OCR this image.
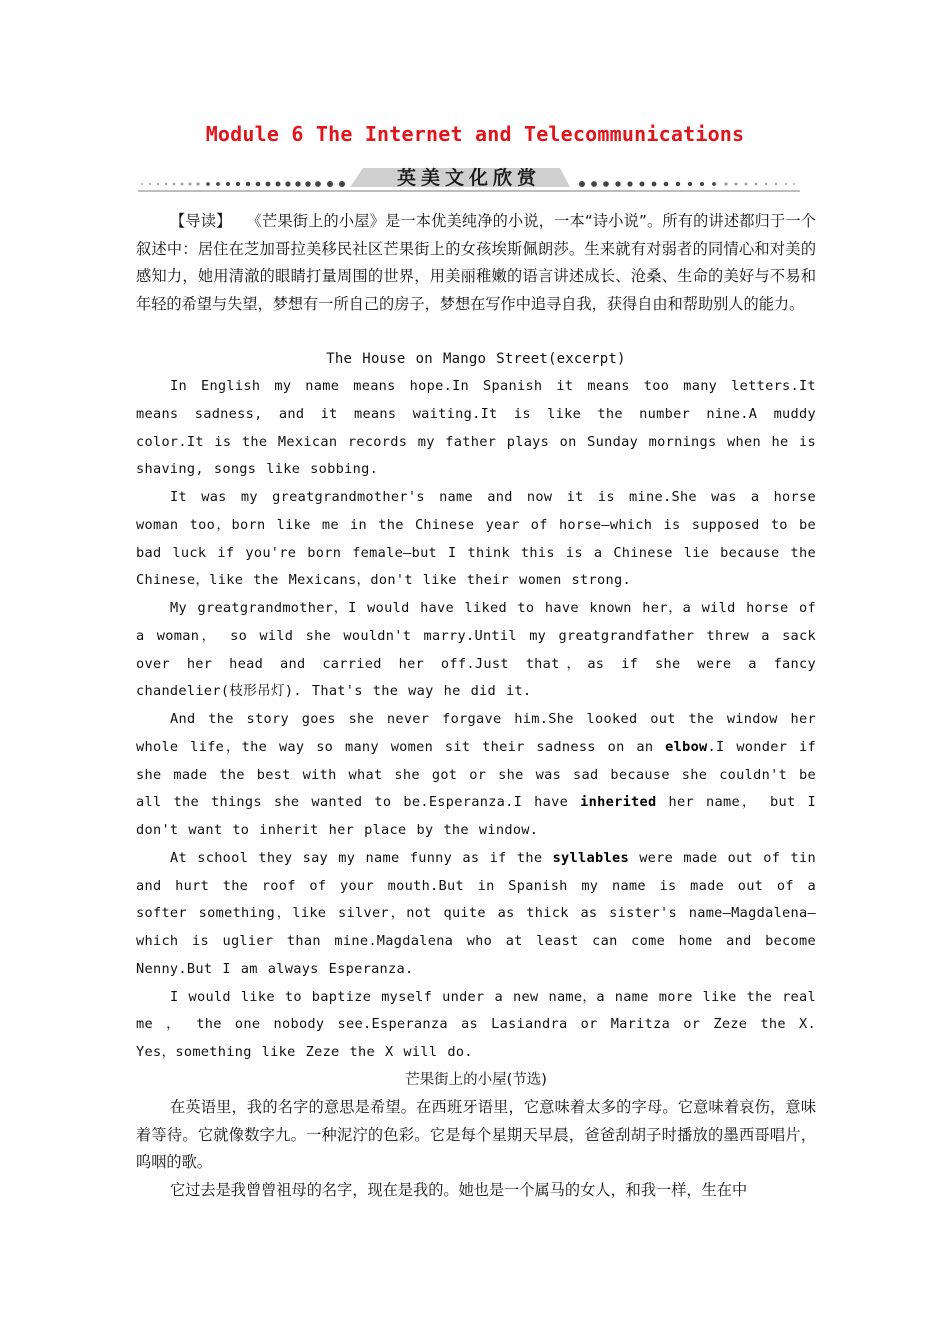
Module 6 The Internet and Telecommunications
英美文化欣赏

【导读】 《芒果街上的小屋》是一本优美纯净的小说，一本“诗小说”。所有的讲述都归于一个叙述中：居住在芝加哥拉美移民社区芒果街上的女孩埃斯佩朗莎。生来就有对弱者的同情心和对美的感知力，她用清澈的眼睛打量周围的世界，用美丽稚嫩的语言讲述成长、沧桑、生命的美好与不易和年轻的希望与失望，梦想有一所自己的房子，梦想在写作中追寻自我，获得自由和帮助别人的能力。

The House on Mango Street(excerpt)

In English my name means hope.In Spanish it means too many letters.It means sadness, and it means waiting.It is like the number nine.A muddy color.It is the Mexican records my father plays on Sunday mornings when he is shaving, songs like sobbing.

It was my greatgrandmother's name and now it is mine.She was a horse woman too，born like me in the Chinese year of horse—which is supposed to be bad luck if you're born female—but I think this is a Chinese lie because the Chinese，like the Mexicans，don't like their women strong.

My greatgrandmother，I would have liked to have known her，a wild horse of a woman， so wild she wouldn't marry.Until my greatgrandfather threw a sack over her head and carried her off.Just that，as if she were a fancy chandelier(枝形吊灯). That's the way he did it.

And the story goes she never forgave him.She looked out the window her whole life，the way so many women sit their sadness on an elbow.I wonder if she made the best with what she got or she was sad because she couldn't be all the things she wanted to be.Esperanza.I have inherited her name， but I don't want to inherit her place by the window.

At school they say my name funny as if the syllables were made out of tin and hurt the roof of your mouth.But in Spanish my name is made out of a softer something，like silver，not quite as thick as sister's name—Magdalena—which is uglier than mine.Magdalena who at least can come home and become Nenny.But I am always Esperanza.

I would like to baptize myself under a new name，a name more like the real me ， the one nobody see.Esperanza as Lasiandra or Maritza or Zeze the X. Yes，something like Zeze the X will do.

芒果街上的小屋(节选)

在英语里，我的名字的意思是希望。在西班牙语里，它意味着太多的字母。它意味着哀伤，意味着等待。它就像数字九。一种泥泞的色彩。它是每个星期天早晨，爸爸刮胡子时播放的墨西哥唱片，呜咽的歌。

它过去是我曾曾祖母的名字，现在是我的。她也是一个属马的女人，和我一样，生在中
